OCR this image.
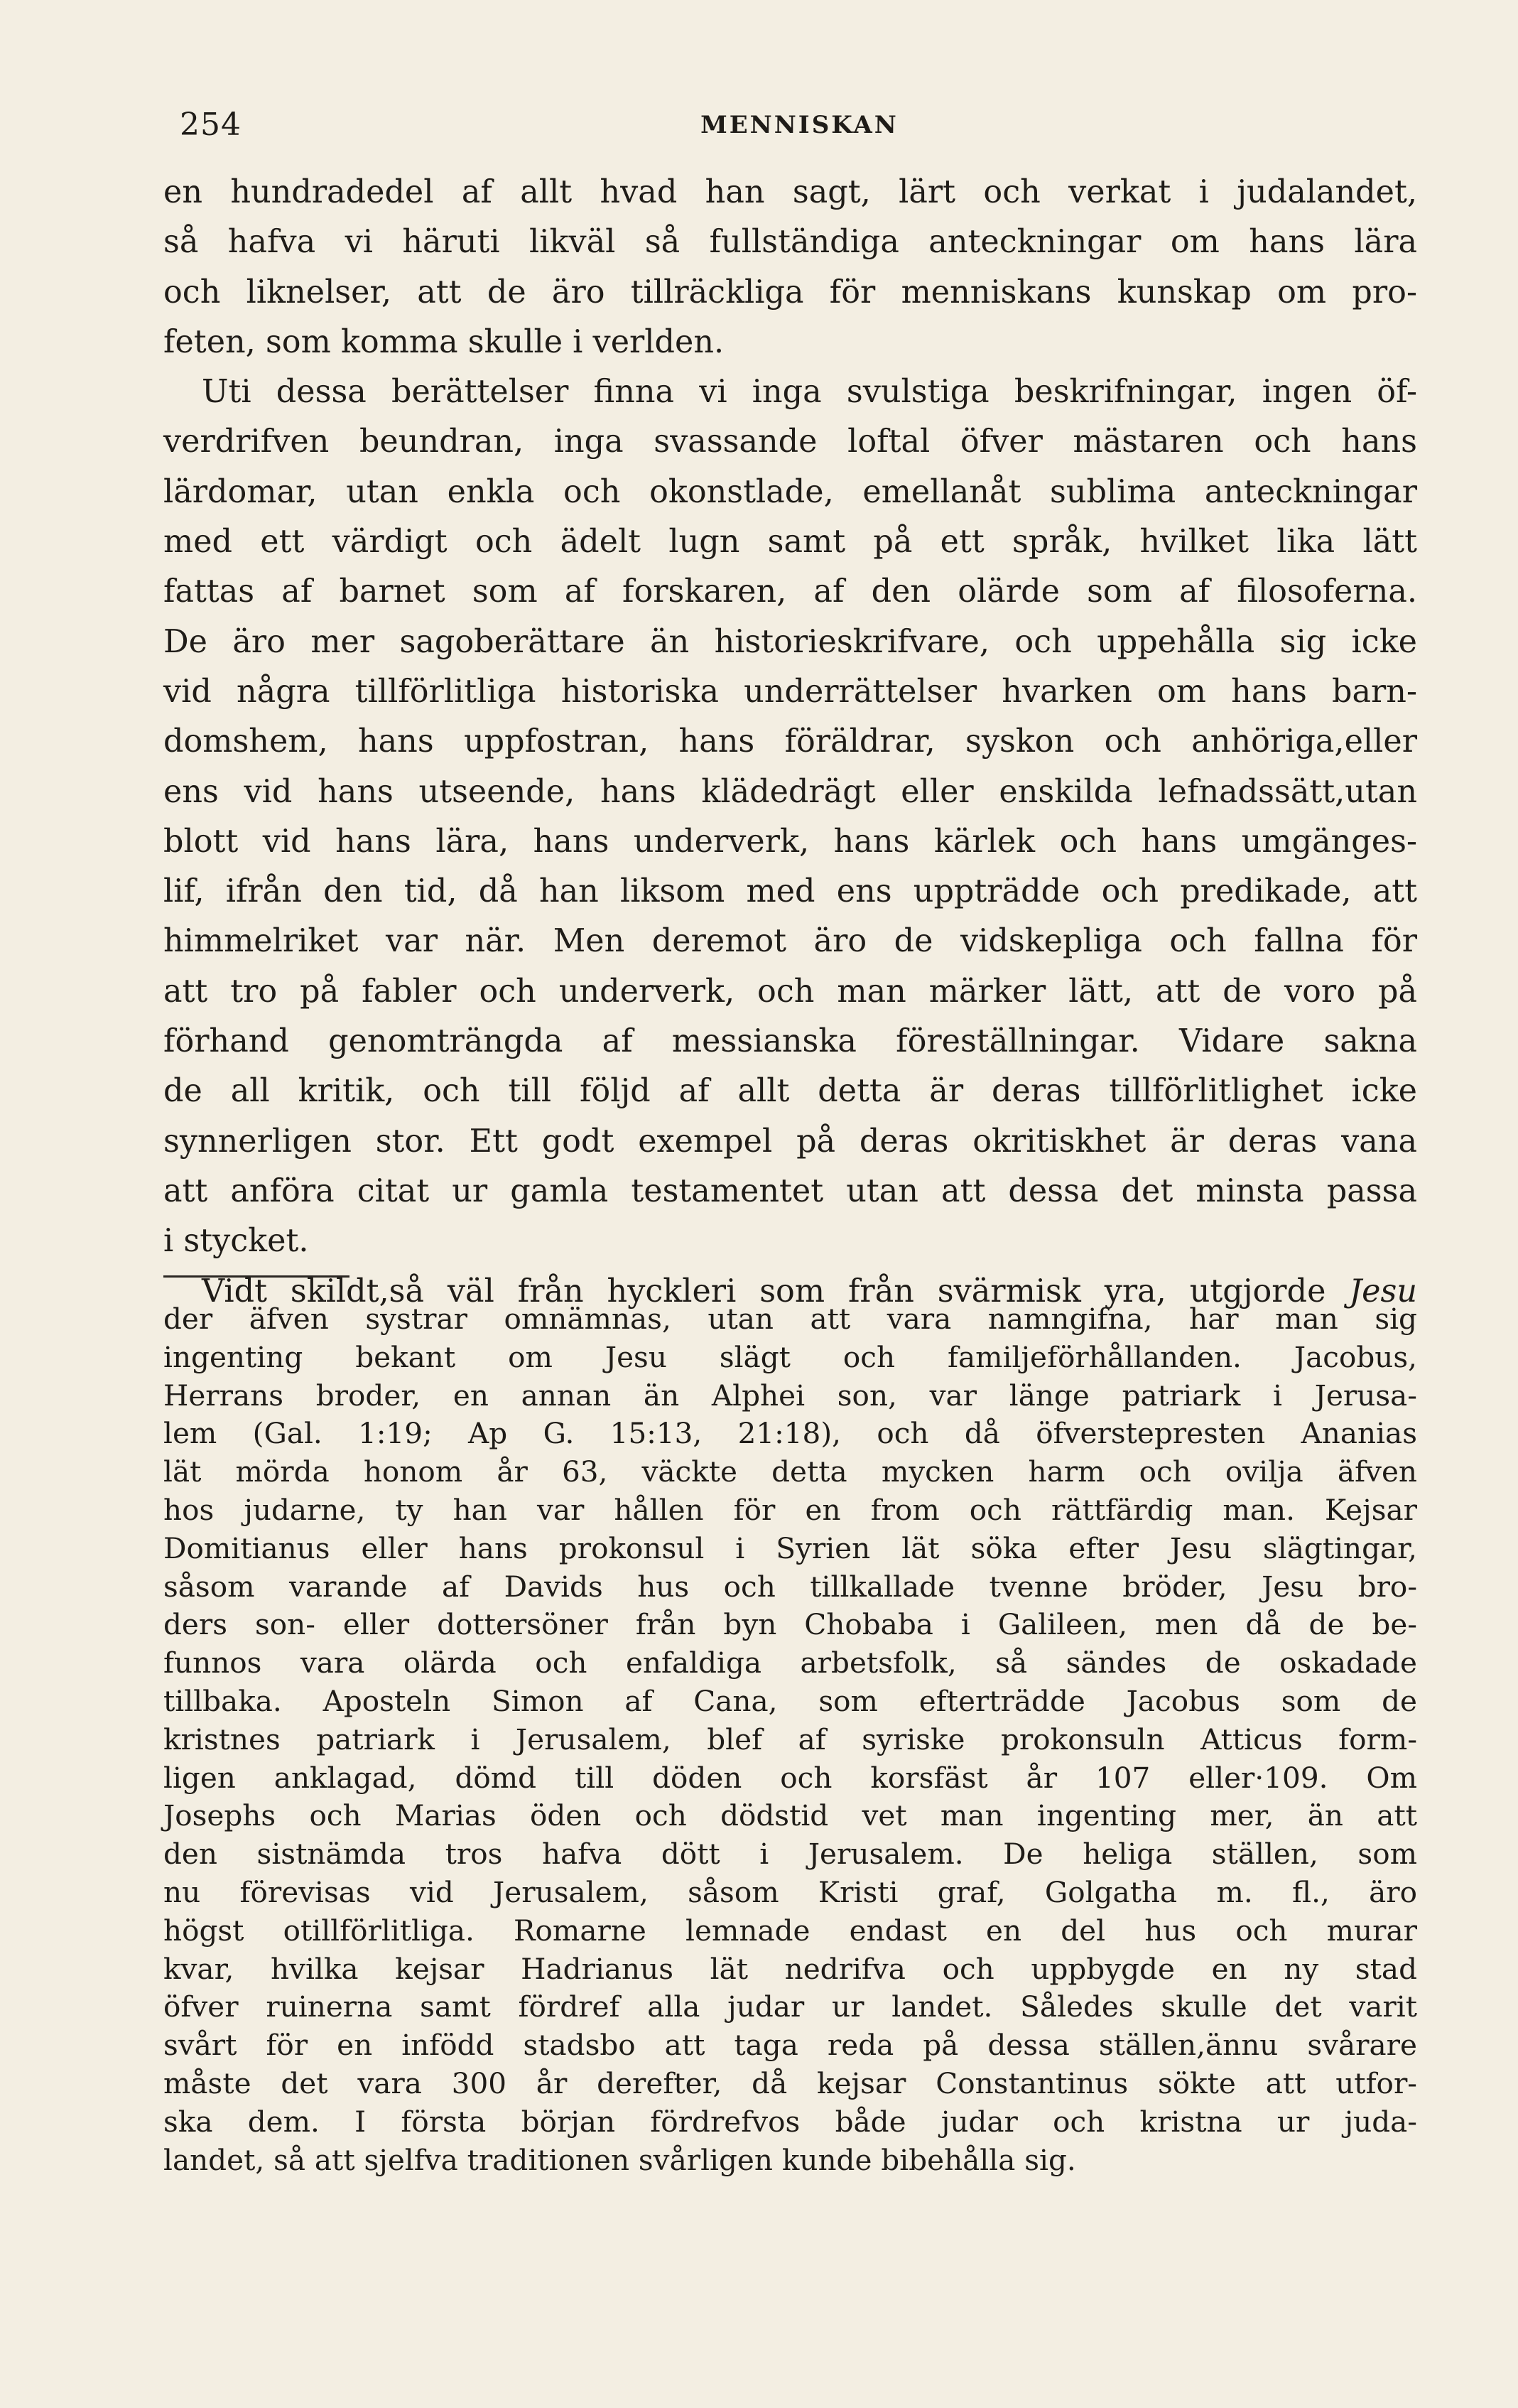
254	MENNISKAN
en hundradedel af allt hvad han sagt, lärt och verkat i judalandet,
så hafva vi häruti likväl så fullständiga anteckningar om hans lära
och liknelser, att de äro tillräckliga för menniskans kunskap om pro-
feten, som komma skulle i verlden.
Uti dessa berättelser finna vi inga svulstiga beskrifningar, ingen öf-
verdrifven beundran, inga svassande loftal öfver mästaren och hans
lärdomar, utan enkla och okonstlade, emellanåt sublima anteckningar
med ett värdigt och ädelt lugn samt på ett språk, hvilket lika lätt
fattas af barnet som af forskaren, af den olärde som af filosoferna.
De äro mer sagoberättare än historieskrifvare, och uppehålla sig icke
vid några tillförlitliga historiska underrättelser hvarken om hans barn-
domshem, hans uppfostran, hans föräldrar, syskon och anhöriga,eller
ens vid hans utseende, hans klädedrägt eller enskilda lefnadssätt,utan
blott vid hans lära, hans underverk, hans kärlek och hans umgänges-
lif, ifrån den tid, då han liksom med ens uppträdde och predikade, att
himmelriket var när. Men deremot äro de vidskepliga och fallna för
att tro på fabler och underverk, och man märker lätt, att de voro på
förhand genomträngda af messianska föreställningar. Vidare sakna
de all kritik, och till följd af allt detta är deras tillförlitlighet icke
synnerligen stor. Ett godt exempel på deras okritiskhet är deras vana
att anföra citat ur gamla testamentet utan att dessa det minsta passa
i stycket.
Vidt skildt,så väl från hyckleri som från svärmisk yra, utgjorde Jesu
der äfven systrar omnämnas, utan att vara namngifna, har man sig
ingenting bekant om Jesu slägt och familjeförhållanden. Jacobus,
Herrans broder, en annan än Alphei son, var länge patriark i Jerusa-
lem (Gal. 1:19; Ap G. 15:13, 21:18), och då öfverstepresten Ananias
lät mörda honom år 63, väckte detta mycken harm och ovilja äfven
hos judarne, ty han var hållen för en from och rättfärdig man. Kejsar
Domitianus eller hans prokonsul i Syrien lät söka efter Jesu slägtingar,
såsom varande af Davids hus och tillkallade tvenne bröder, Jesu bro-
ders son- eller dottersöner från byn Chobaba i Galileen, men då de be-
funnos vara olärda och enfaldiga arbetsfolk, så sändes de oskadade
tillbaka. Aposteln Simon af Cana, som efterträdde Jacobus som de
kristnes patriark i Jerusalem, blef af syriske prokonsuln Atticus form-
ligen anklagad, dömd till döden och korsfäst år 107 eller·109. Om
Josephs och Marias öden och dödstid vet man ingenting mer, än att
den sistnämda tros hafva dött i Jerusalem. De heliga ställen, som
nu förevisas vid Jerusalem, såsom Kristi graf, Golgatha m. fl., äro
högst otillförlitliga. Romarne lemnade endast en del hus och murar
kvar, hvilka kejsar Hadrianus lät nedrifva och uppbygde en ny stad
öfver ruinerna samt fördref alla judar ur landet. Således skulle det varit
svårt för en infödd stadsbo att taga reda på dessa ställen,ännu svårare
måste det vara 300 år derefter, då kejsar Constantinus sökte att utfor-
ska dem. I första början fördrefvos både judar och kristna ur juda-
landet, så att sjelfva traditionen svårligen kunde bibehålla sig.
